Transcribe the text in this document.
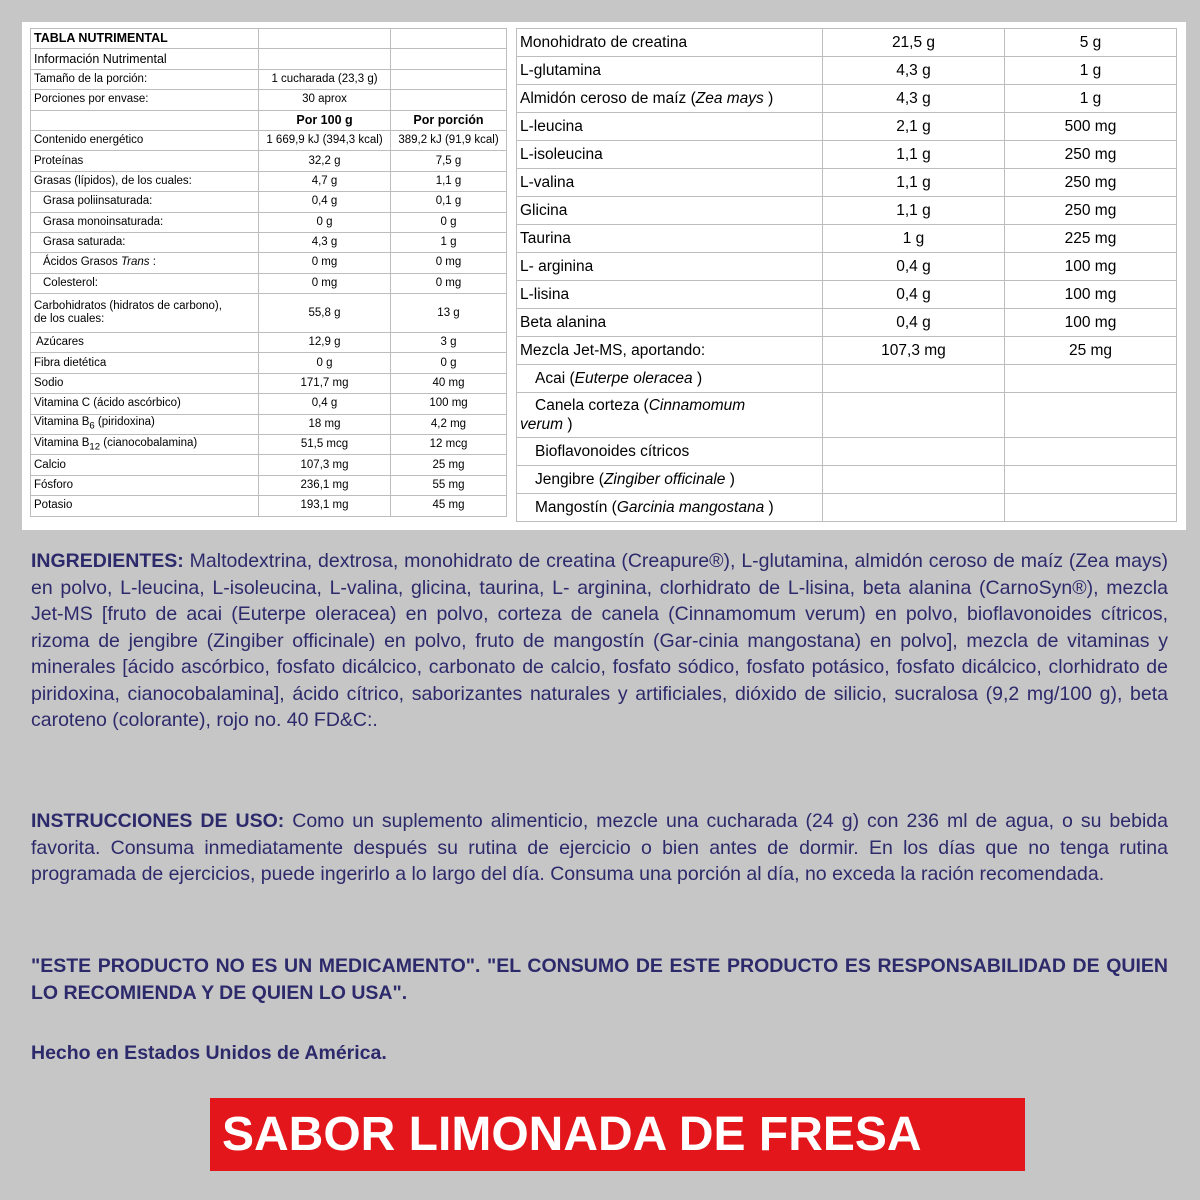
TABLA NUTRIMENTAL		
Información Nutrimental		
Tamaño de la porción:	1 cucharada (23,3 g)	
Porciones por envase:	30 aprox	
	Por 100 g	Por porción
Contenido energético	1 669,9 kJ (394,3 kcal)	389,2 kJ (91,9 kcal)
Proteínas	32,2 g	7,5 g
Grasas (lípidos), de los cuales:	4,7 g	1,1 g
Grasa poliinsaturada:	0,4 g	0,1 g
Grasa monoinsaturada:	0 g	0 g
Grasa saturada:	4,3 g	1 g
Ácidos Grasos Trans :	0 mg	0 mg
Colesterol:	0 mg	0 mg
Carbohidratos (hidratos de carbono),
de los cuales:	55,8 g	13 g
Azúcares	12,9 g	3 g
Fibra dietética	0 g	0 g
Sodio	171,7 mg	40 mg
Vitamina C (ácido ascórbico)	0,4 g	100 mg
Vitamina $B_6$ (piridoxina)	18 mg	4,2 mg
Vitamina $B_{12}$ (cianocobalamina)	51,5 mcg	12 mcg
Calcio	107,3 mg	25 mg
Fósforo	236,1 mg	55 mg
Potasio	193,1 mg	45 mg
Monohidrato de creatina	21,5 g	5 g
L-glutamina	4,3 g	1 g
Almidón ceroso de maíz (Zea mays )	4,3 g	1 g
L-leucina	2,1 g	500 mg
L-isoleucina	1,1 g	250 mg
L-valina	1,1 g	250 mg
Glicina	1,1 g	250 mg
Taurina	1 g	225 mg
L- arginina	0,4 g	100 mg
L-lisina	0,4 g	100 mg
Beta alanina	0,4 g	100 mg
Mezcla Jet-MS, aportando:	107,3 mg	25 mg
Acai (Euterpe oleracea )		
Canela corteza (Cinnamomum
verum )		
Bioflavonoides cítricos		
Jengibre (Zingiber officinale )		
Mangostín (Garcinia mangostana )		
INGREDIENTES: Maltodextrina, dextrosa, monohidrato de creatina (Creapure®), L-glutamina, almidón ceroso de maíz (Zea mays) en polvo, L-leucina, L-isoleucina, L-valina, glicina, taurina, L- arginina, clorhidrato de L-lisina, beta alanina (CarnoSyn®), mezcla Jet-MS [fruto de acai (Euterpe oleracea) en polvo, corteza de canela (Cinnamomum verum) en polvo, bioflavonoides cítricos, rizoma de jengibre (Zingiber officinale) en polvo, fruto de mangostín (Gar-cinia mangostana) en polvo], mezcla de vitaminas y minerales [ácido ascórbico, fosfato dicálcico, carbonato de calcio, fosfato sódico, fosfato potásico, fosfato dicálcico, clorhidrato de piridoxina, cianocobalamina], ácido cítrico, saborizantes naturales y artificiales, dióxido de silicio, sucralosa (9,2 mg/100 g), beta caroteno (colorante), rojo no. 40 FD&C:.
INSTRUCCIONES DE USO: Como un suplemento alimenticio, mezcle una cucharada (24 g) con 236 ml de agua, o su bebida favorita. Consuma inmediatamente después su rutina de ejercicio o bien antes de dormir. En los días que no tenga rutina programada de ejercicios, puede ingerirlo a lo largo del día. Consuma una porción al día, no exceda la ración recomendada.
"ESTE PRODUCTO NO ES UN MEDICAMENTO". "EL CONSUMO DE ESTE PRODUCTO ES RESPONSABILIDAD DE QUIEN LO RECOMIENDA Y DE QUIEN LO USA".
Hecho en Estados Unidos de América.
SABOR LIMONADA DE FRESA
